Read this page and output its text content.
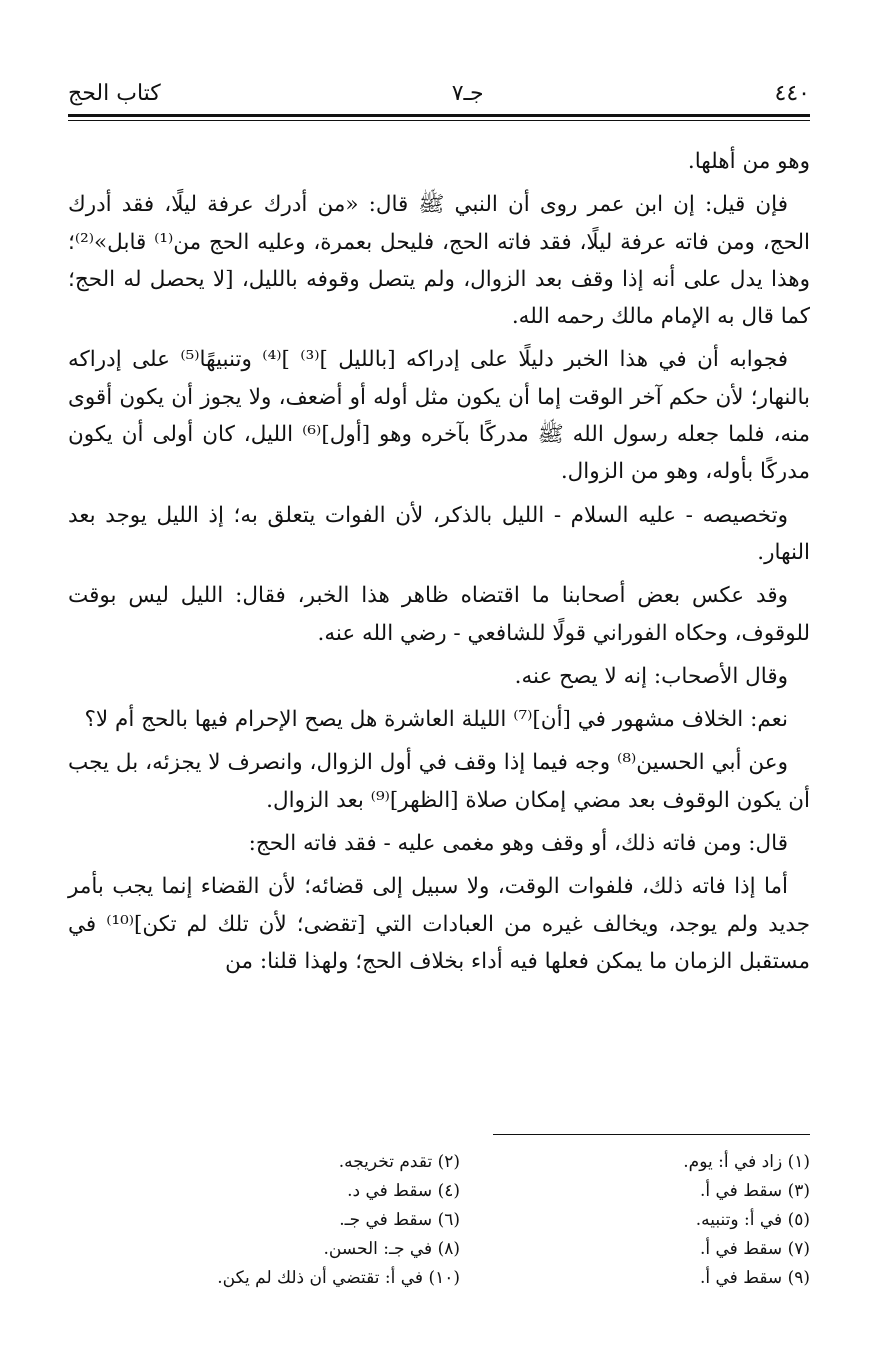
٤٤٠
جـ٧
كتاب الحج

وهو من أهلها.

فإن قيل: إن ابن عمر روى أن النبي ﷺ قال: «من أدرك عرفة ليلًا، فقد أدرك الحج، ومن فاته عرفة ليلًا، فقد فاته الحج، فليحل بعمرة، وعليه الحج من⁽¹⁾ قابل»⁽²⁾؛ وهذا يدل على أنه إذا وقف بعد الزوال، ولم يتصل وقوفه بالليل، [لا يحصل له الحج؛ كما قال به الإمام مالك رحمه الله.

فجوابه أن في هذا الخبر دليلًا على إدراكه [بالليل ]⁽³⁾ ]⁽⁴⁾ وتنبيهًا⁽⁵⁾ على إدراكه بالنهار؛ لأن حكم آخر الوقت إما أن يكون مثل أوله أو أضعف، ولا يجوز أن يكون أقوى منه، فلما جعله رسول الله ﷺ مدركًا بآخره وهو [أول]⁽⁶⁾ الليل، كان أولى أن يكون مدركًا بأوله، وهو من الزوال.

وتخصيصه - عليه السلام - الليل بالذكر، لأن الفوات يتعلق به؛ إذ الليل يوجد بعد النهار.

وقد عكس بعض أصحابنا ما اقتضاه ظاهر هذا الخبر، فقال: الليل ليس بوقت للوقوف، وحكاه الفوراني قولًا للشافعي - رضي الله عنه.

وقال الأصحاب: إنه لا يصح عنه.

نعم: الخلاف مشهور في [أن]⁽⁷⁾ الليلة العاشرة هل يصح الإحرام فيها بالحج أم لا؟

وعن أبي الحسين⁽⁸⁾ وجه فيما إذا وقف في أول الزوال، وانصرف لا يجزئه، بل يجب أن يكون الوقوف بعد مضي إمكان صلاة [الظهر]⁽⁹⁾ بعد الزوال.

قال: ومن فاته ذلك، أو وقف وهو مغمى عليه - فقد فاته الحج:

أما إذا فاته ذلك، فلفوات الوقت، ولا سبيل إلى قضائه؛ لأن القضاء إنما يجب بأمر جديد ولم يوجد، ويخالف غيره من العبادات التي [تقضى؛ لأن تلك لم تكن]⁽¹⁰⁾ في مستقبل الزمان ما يمكن فعلها فيه أداء بخلاف الحج؛ ولهذا قلنا: من

(١) زاد في أ: يوم.
(٢) تقدم تخريجه.
(٣) سقط في أ.
(٤) سقط في د.
(٥) في أ: وتنبيه.
(٦) سقط في جـ.
(٧) سقط في أ.
(٨) في جـ: الحسن.
(٩) سقط في أ.
(١٠) في أ: تقتضي أن ذلك لم يكن.
